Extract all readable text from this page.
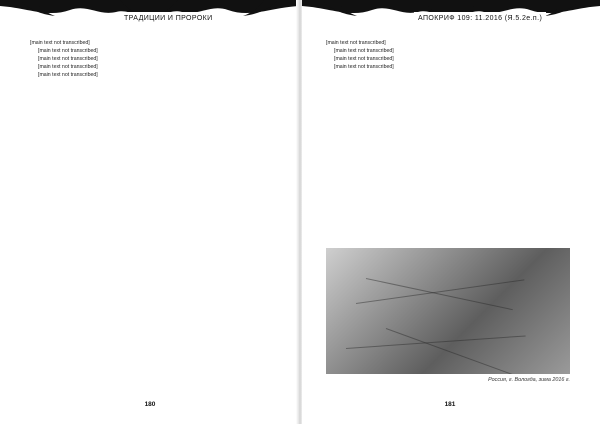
ТРАДИЦИИ И ПРОРОКИ

[main text not transcribed]

[main text not transcribed]

[main text not transcribed]

[main text not transcribed]

[main text not transcribed]

180
АПОКРИФ 109: 11.2016 (Я.5.2е.п.)

[main text not transcribed]

[main text not transcribed]

[main text not transcribed]

[main text not transcribed]

Россия, г. Вологда, зима 2016 г.
181
